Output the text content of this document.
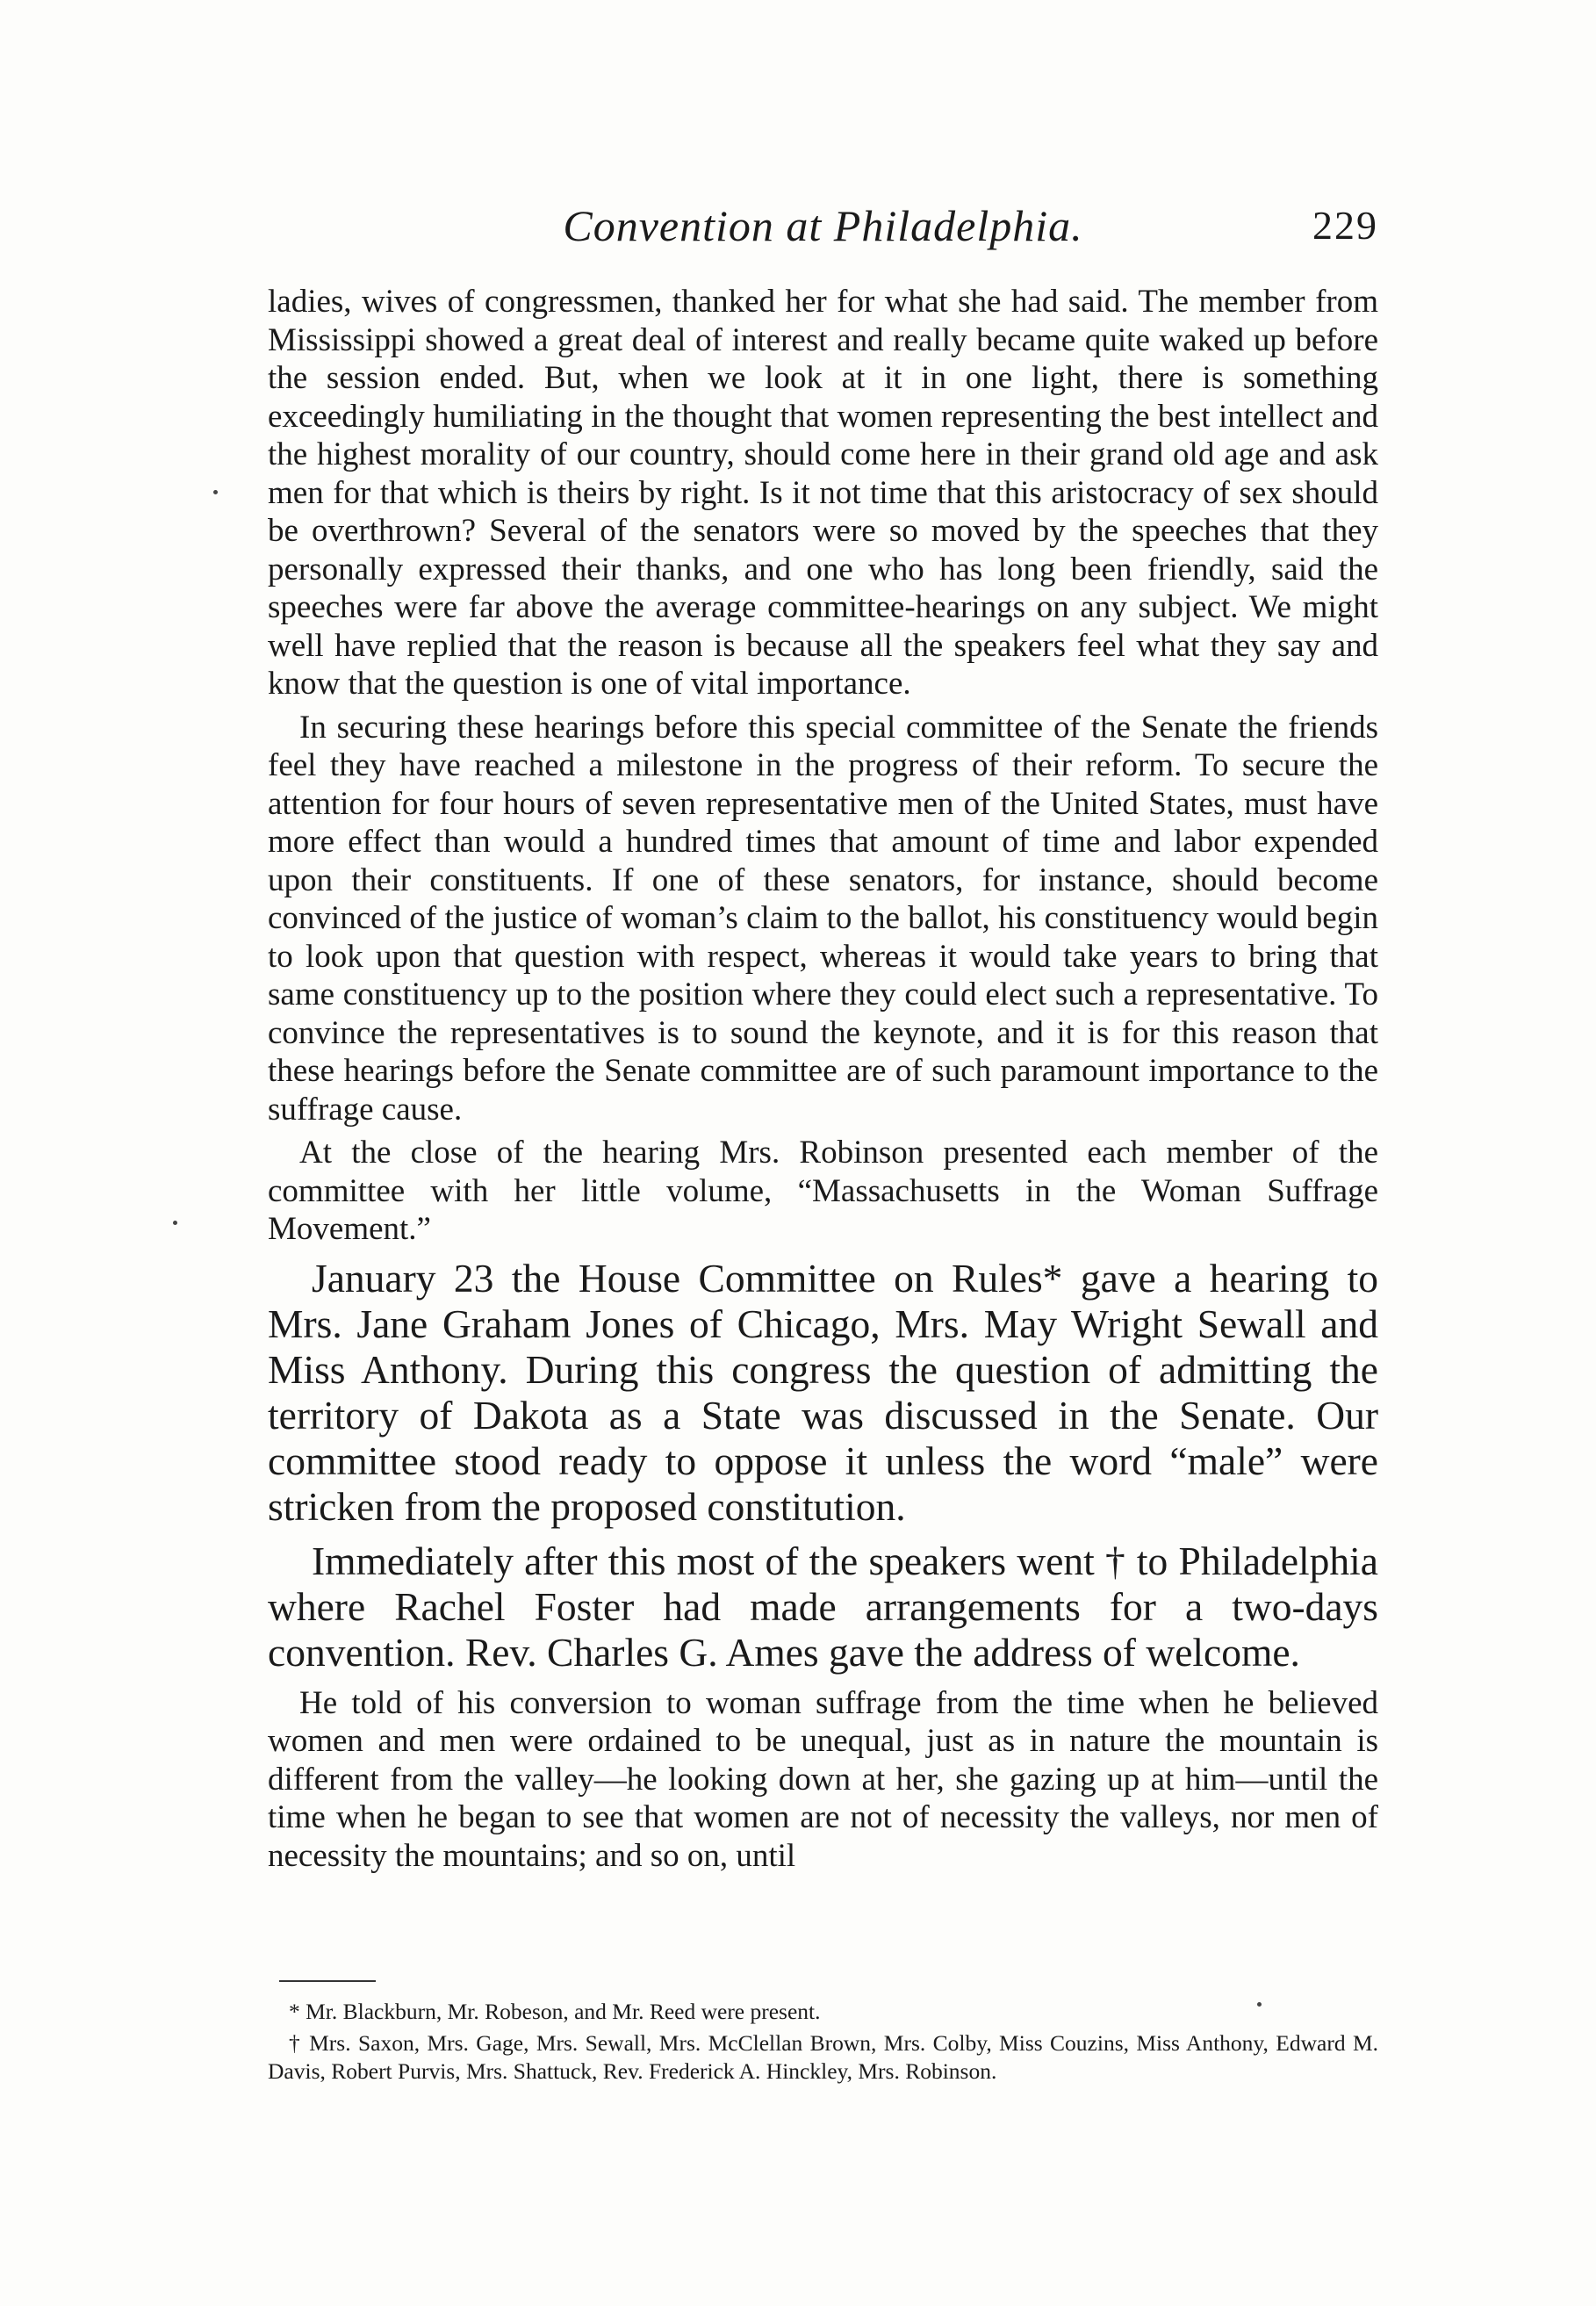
Convention at Philadelphia.	229

ladies, wives of congressmen, thanked her for what she had said. The member from Mississippi showed a great deal of interest and really became quite waked up before the session ended. But, when we look at it in one light, there is something exceedingly humiliating in the thought that women representing the best intellect and the highest morality of our country, should come here in their grand old age and ask men for that which is theirs by right. Is it not time that this aristocracy of sex should be overthrown? Several of the senators were so moved by the speeches that they personally expressed their thanks, and one who has long been friendly, said the speeches were far above the average committee-hearings on any subject. We might well have replied that the reason is because all the speakers feel what they say and know that the question is one of vital importance.

In securing these hearings before this special committee of the Senate the friends feel they have reached a milestone in the progress of their reform. To secure the attention for four hours of seven representative men of the United States, must have more effect than would a hundred times that amount of time and labor expended upon their constituents. If one of these senators, for instance, should become convinced of the justice of woman’s claim to the ballot, his constituency would begin to look upon that question with respect, whereas it would take years to bring that same constituency up to the position where they could elect such a representative. To convince the representatives is to sound the keynote, and it is for this reason that these hearings before the Senate committee are of such paramount importance to the suffrage cause.

At the close of the hearing Mrs. Robinson presented each member of the committee with her little volume, “Massachusetts in the Woman Suffrage Movement.”

January 23 the House Committee on Rules* gave a hearing to Mrs. Jane Graham Jones of Chicago, Mrs. May Wright Sewall and Miss Anthony. During this congress the question of admitting the territory of Dakota as a State was discussed in the Senate. Our committee stood ready to oppose it unless the word “male” were stricken from the proposed constitution.

Immediately after this most of the speakers went † to Philadelphia where Rachel Foster had made arrangements for a two-days convention. Rev. Charles G. Ames gave the address of welcome.

He told of his conversion to woman suffrage from the time when he believed women and men were ordained to be unequal, just as in nature the mountain is different from the valley—he looking down at her, she gazing up at him—until the time when he began to see that women are not of necessity the valleys, nor men of necessity the mountains; and so on, until

* Mr. Blackburn, Mr. Robeson, and Mr. Reed were present.

† Mrs. Saxon, Mrs. Gage, Mrs. Sewall, Mrs. McClellan Brown, Mrs. Colby, Miss Couzins, Miss Anthony, Edward M. Davis, Robert Purvis, Mrs. Shattuck, Rev. Frederick A. Hinckley, Mrs. Robinson.
